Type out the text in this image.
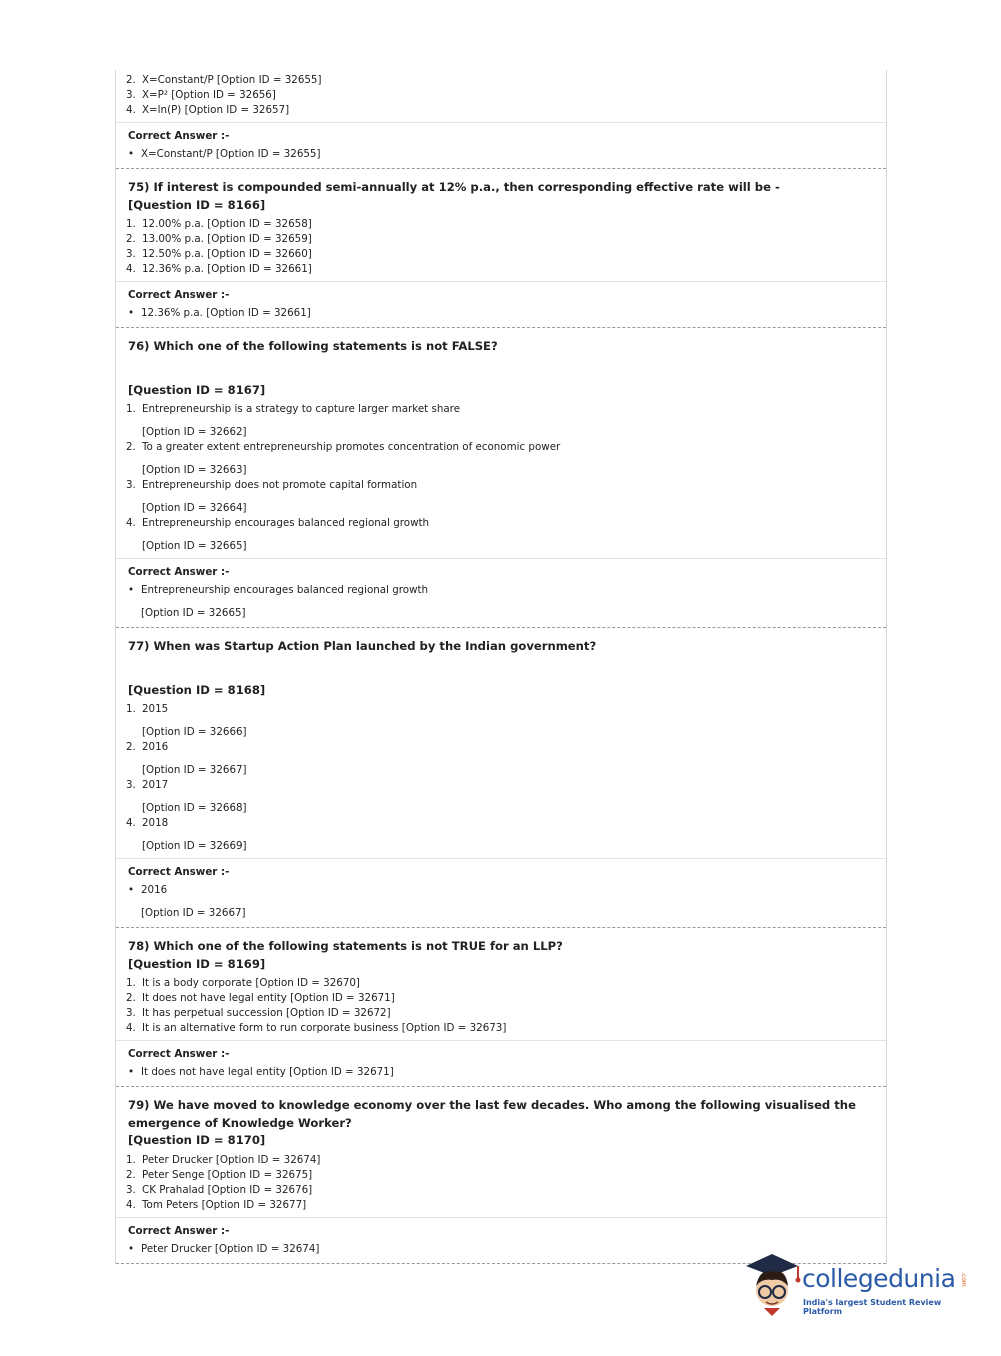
2. X=Constant/P [Option ID = 32655]
3. X=P² [Option ID = 32656]
4. X=ln(P) [Option ID = 32657]
Correct Answer :-
• X=Constant/P [Option ID = 32655]
75) If interest is compounded semi-annually at 12% p.a., then corresponding effective rate will be -
[Question ID = 8166]
1. 12.00% p.a. [Option ID = 32658]
2. 13.00% p.a. [Option ID = 32659]
3. 12.50% p.a. [Option ID = 32660]
4. 12.36% p.a. [Option ID = 32661]
Correct Answer :-
• 12.36% p.a. [Option ID = 32661]
76) Which one of the following statements is not FALSE?
[Question ID = 8167]
1. Entrepreneurship is a strategy to capture larger market share
[Option ID = 32662]
2. To a greater extent entrepreneurship promotes concentration of economic power
[Option ID = 32663]
3. Entrepreneurship does not promote capital formation
[Option ID = 32664]
4. Entrepreneurship encourages balanced regional growth
[Option ID = 32665]
Correct Answer :-
• Entrepreneurship encourages balanced regional growth
[Option ID = 32665]
77) When was Startup Action Plan launched by the Indian government?
[Question ID = 8168]
1. 2015
[Option ID = 32666]
2. 2016
[Option ID = 32667]
3. 2017
[Option ID = 32668]
4. 2018
[Option ID = 32669]
Correct Answer :-
• 2016
[Option ID = 32667]
78) Which one of the following statements is not TRUE for an LLP?
[Question ID = 8169]
1. It is a body corporate [Option ID = 32670]
2. It does not have legal entity [Option ID = 32671]
3. It has perpetual succession [Option ID = 32672]
4. It is an alternative form to run corporate business [Option ID = 32673]
Correct Answer :-
• It does not have legal entity [Option ID = 32671]
79) We have moved to knowledge economy over the last few decades. Who among the following visualised the emergence of Knowledge Worker?
[Question ID = 8170]
1. Peter Drucker [Option ID = 32674]
2. Peter Senge [Option ID = 32675]
3. CK Prahalad [Option ID = 32676]
4. Tom Peters [Option ID = 32677]
Correct Answer :-
• Peter Drucker [Option ID = 32674]
collegedunia .com
India's largest Student Review Platform
